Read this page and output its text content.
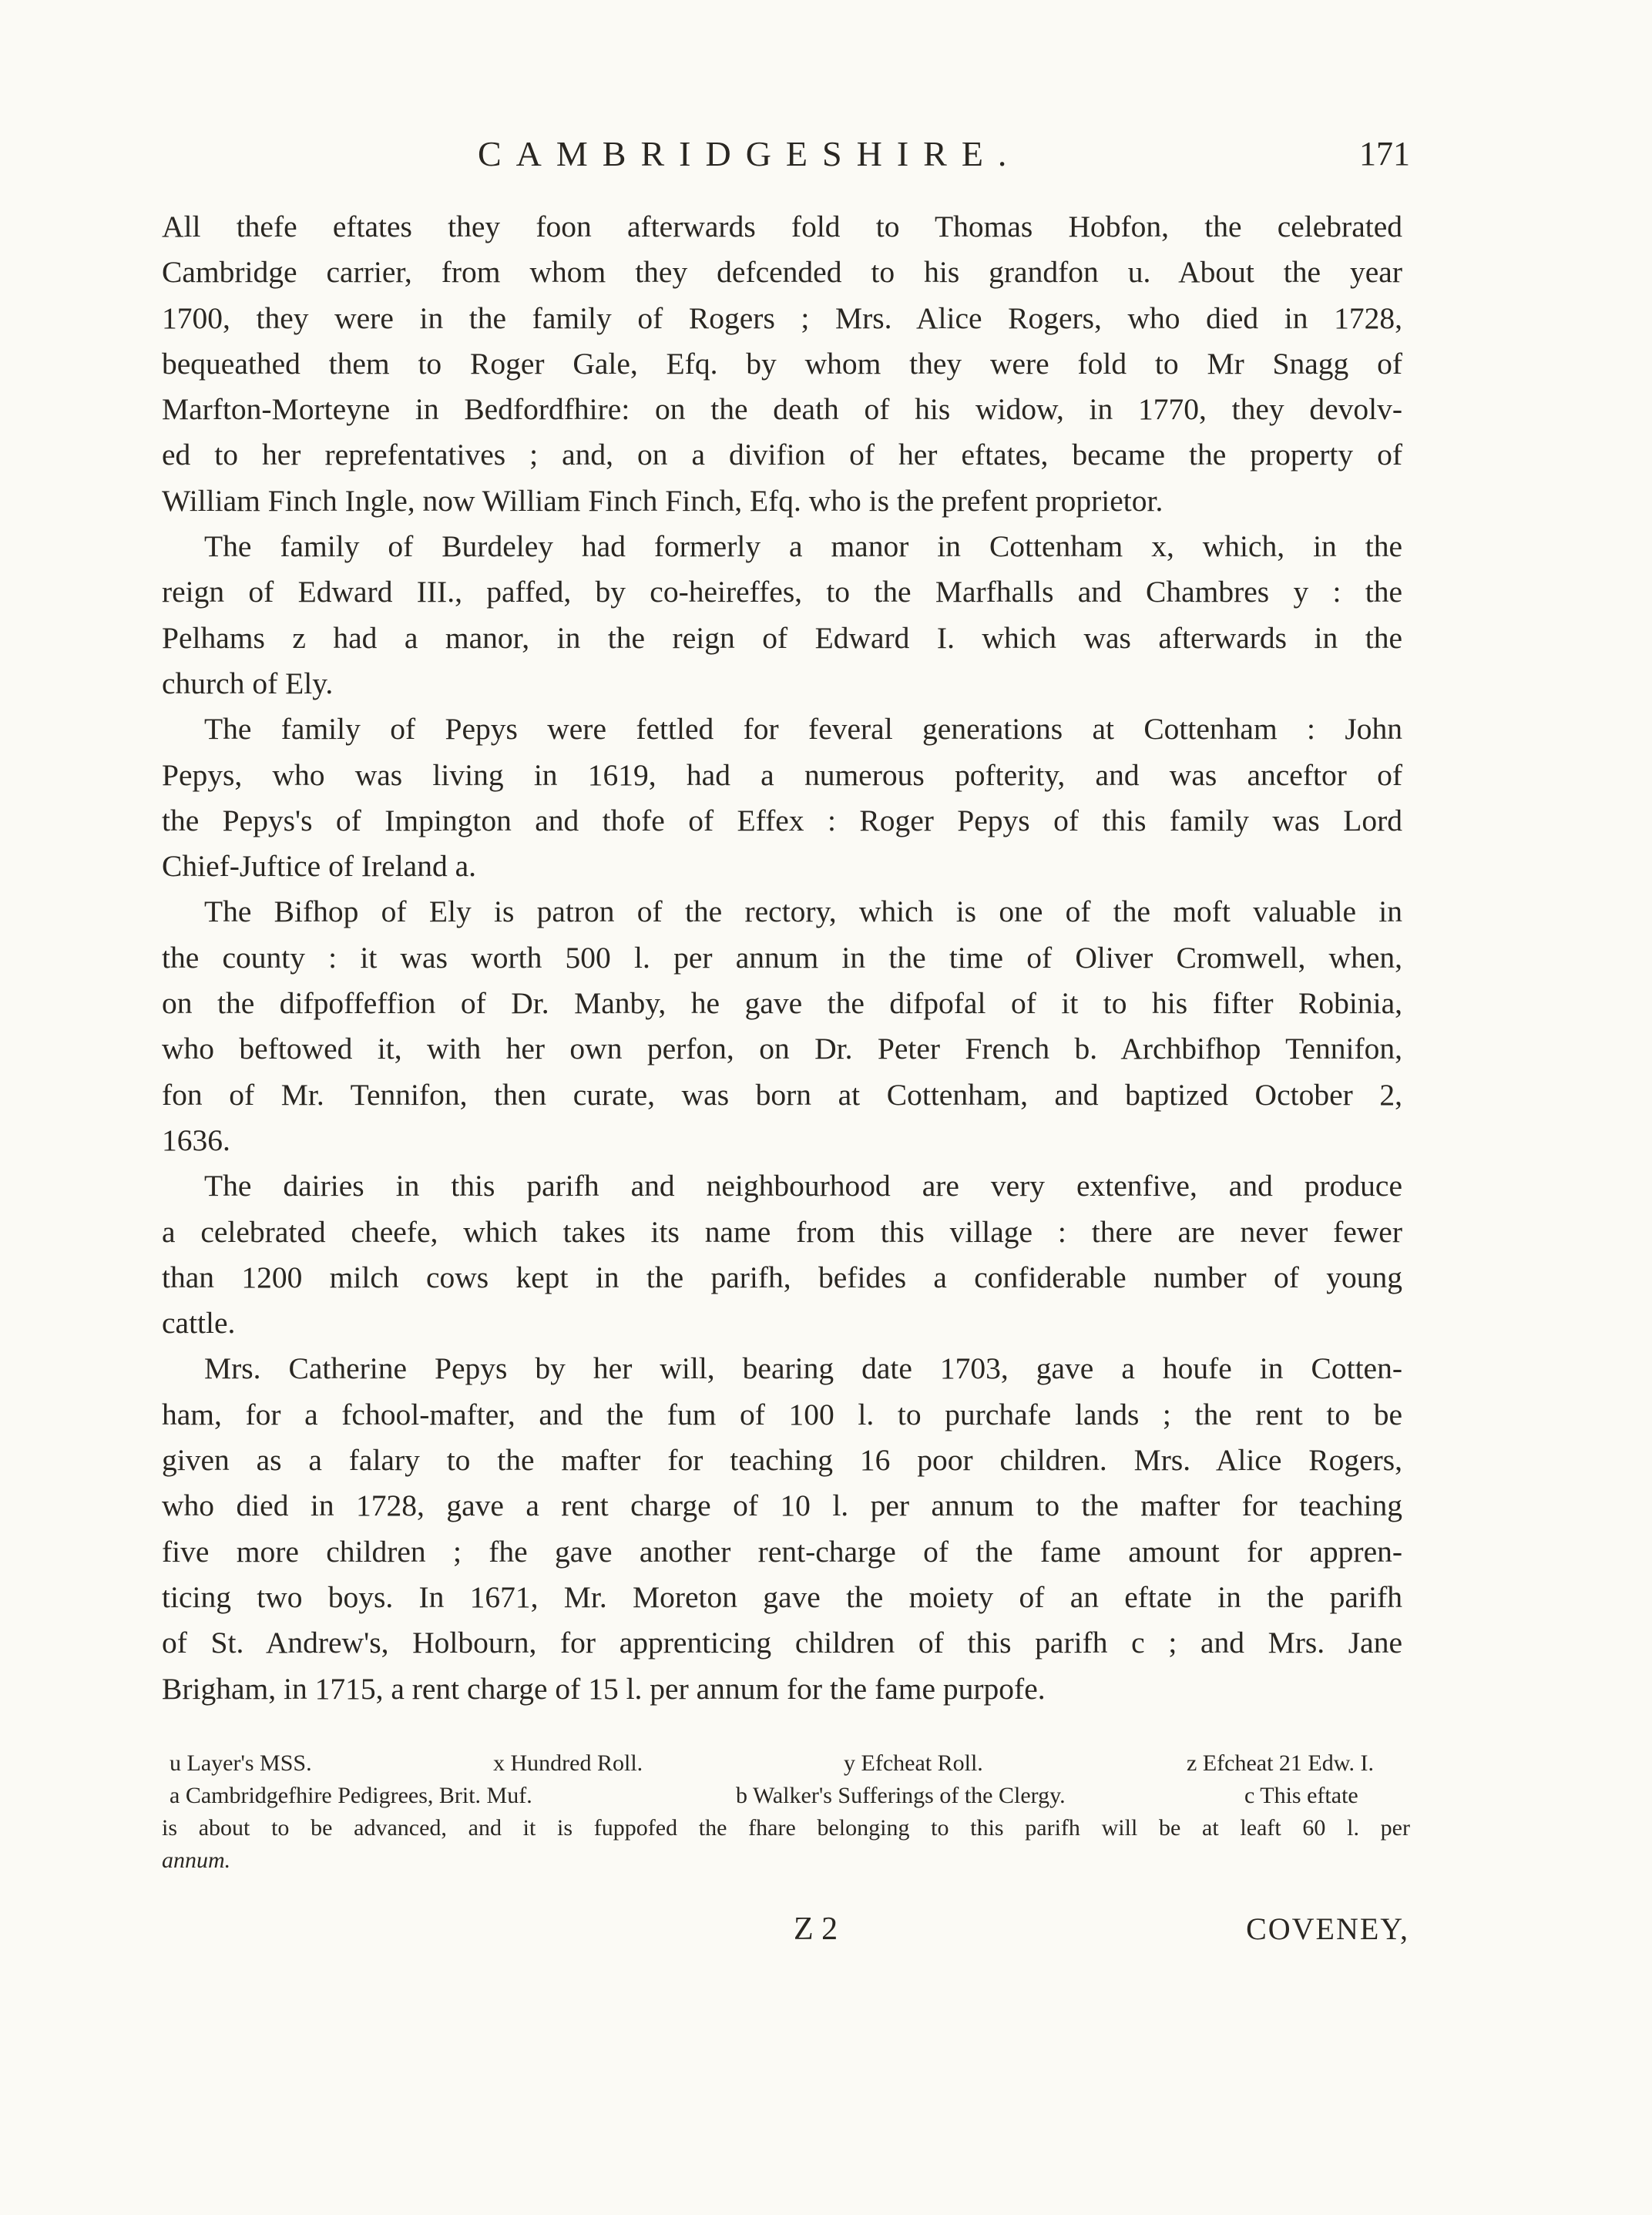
CAMBRIDGESHIRE.	171
All thefe eftates they foon afterwards fold to Thomas Hobfon, the celebrated
Cambridge carrier, from whom they defcended to his grandfon u. About the year
1700, they were in the family of Rogers ; Mrs. Alice Rogers, who died in 1728,
bequeathed them to Roger Gale, Efq. by whom they were fold to Mr Snagg of
Marfton-Morteyne in Bedfordfhire: on the death of his widow, in 1770, they devolv-
ed to her reprefentatives ; and, on a divifion of her eftates, became the property of
William Finch Ingle, now William Finch Finch, Efq. who is the prefent proprietor.
The family of Burdeley had formerly a manor in Cottenham x, which, in the
reign of Edward III., paffed, by co-heireffes, to the Marfhalls and Chambres y : the
Pelhams z had a manor, in the reign of Edward I. which was afterwards in the
church of Ely.
The family of Pepys were fettled for feveral generations at Cottenham : John
Pepys, who was living in 1619, had a numerous pofterity, and was anceftor of
the Pepys's of Impington and thofe of Effex : Roger Pepys of this family was Lord
Chief-Juftice of Ireland a.
The Bifhop of Ely is patron of the rectory, which is one of the moft valuable in
the county : it was worth 500 l. per annum in the time of Oliver Cromwell, when,
on the difpoffeffion of Dr. Manby, he gave the difpofal of it to his fifter Robinia,
who beftowed it, with her own perfon, on Dr. Peter French b. Archbifhop Tennifon,
fon of Mr. Tennifon, then curate, was born at Cottenham, and baptized October 2,
1636.
The dairies in this parifh and neighbourhood are very extenfive, and produce
a celebrated cheefe, which takes its name from this village : there are never fewer
than 1200 milch cows kept in the parifh, befides a confiderable number of young
cattle.
Mrs. Catherine Pepys by her will, bearing date 1703, gave a houfe in Cotten-
ham, for a fchool-mafter, and the fum of 100 l. to purchafe lands ; the rent to be
given as a falary to the mafter for teaching 16 poor children. Mrs. Alice Rogers,
who died in 1728, gave a rent charge of 10 l. per annum to the mafter for teaching
five more children ; fhe gave another rent-charge of the fame amount for appren-
ticing two boys. In 1671, Mr. Moreton gave the moiety of an eftate in the parifh
of St. Andrew's, Holbourn, for apprenticing children of this parifh c ; and Mrs. Jane
Brigham, in 1715, a rent charge of 15 l. per annum for the fame purpofe.
u Layer's MSS.	x Hundred Roll.	y Efcheat Roll.	z Efcheat 21 Edw. I.
a Cambridgefhire Pedigrees, Brit. Muf.	b Walker's Sufferings of the Clergy.	c This eftate
is about to be advanced, and it is fuppofed the fhare belonging to this parifh will be at leaft 60 l. per
annum.
Z 2	COVENEY,
